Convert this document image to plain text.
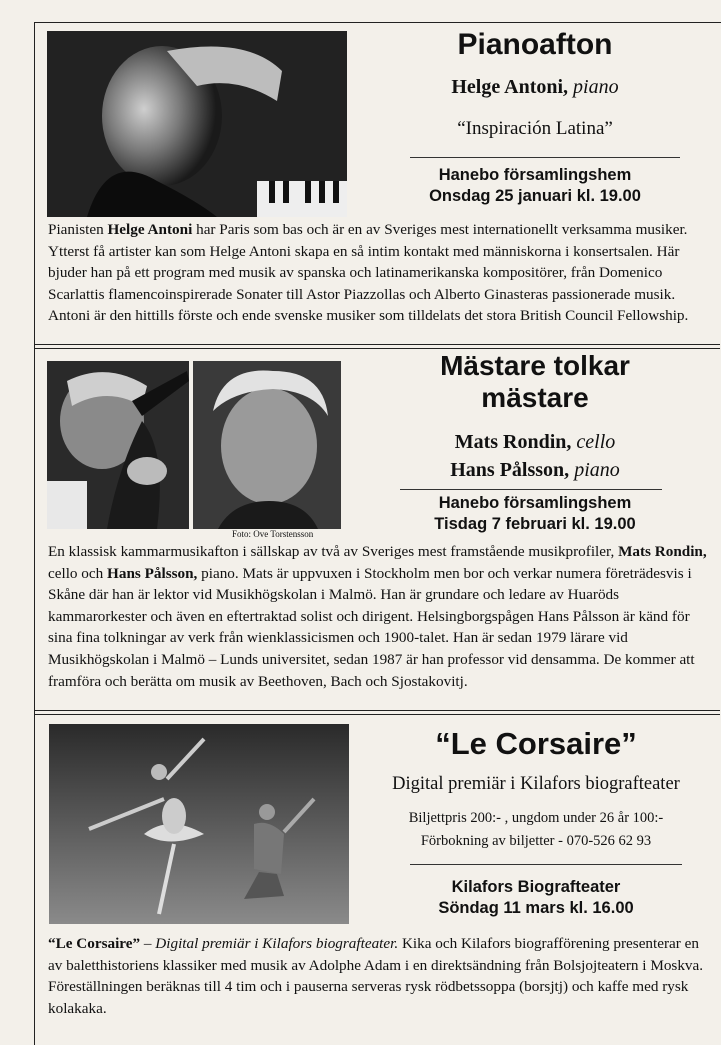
Pianoafton
Helge Antoni, piano
“Inspiración Latina”
Hanebo församlingshem
Onsdag 25 januari kl. 19.00
Pianisten Helge Antoni har Paris som bas och är en av Sveriges mest internationellt verksamma musiker. Ytterst få artister kan som Helge Antoni skapa en så intim kontakt med människorna i konsertsalen. Här bjuder han på ett program med musik av spanska och latinamerikanska kompositörer, från Domenico Scarlattis flamencoinspirerade Sonater till Astor Piazzollas och Alberto Ginasteras passionerade musik. Antoni är den hittills förste och ende svenske musiker som tilldelats det stora British Council Fellowship.
Foto: Ove Torstensson
Mästare tolkar
mästare
Mats Rondin, cello
Hans Pålsson, piano
Hanebo församlingshem
Tisdag 7 februari kl. 19.00
En klassisk kammarmusikafton i sällskap av två av Sveriges mest framstående musikprofiler, Mats Rondin, cello och Hans Pålsson, piano. Mats är uppvuxen i Stockholm men bor och verkar numera företrädesvis i Skåne där han är lektor vid Musikhögskolan i Malmö. Han är grundare och ledare av Huaröds kammarorkester och även en eftertraktad solist och dirigent. Helsingborgspågen Hans Pålsson är känd för sina fina tolkningar av verk från wienklassicismen och 1900-talet. Han är sedan 1979 lärare vid Musikhögskolan i Malmö – Lunds universitet, sedan 1987 är han professor vid densamma. De kommer att framföra och berätta om musik av Beethoven, Bach och Sjostakovitj.
“Le Corsaire”
Digital premiär i Kilafors biografteater
Biljettpris 200:- , ungdom under 26 år 100:-
Förbokning av biljetter - 070-526 62 93
Kilafors Biografteater
Söndag 11 mars kl. 16.00
“Le Corsaire” – Digital premiär i Kilafors biografteater. Kika och Kilafors biografförening presenterar en av baletthistoriens klassiker med musik av Adolphe Adam i en direktsändning från Bolsjojteatern i Moskva. Föreställningen beräknas till 4 tim och i pauserna serveras rysk rödbetssoppa (borsjtj) och kaffe med rysk kolakaka.
